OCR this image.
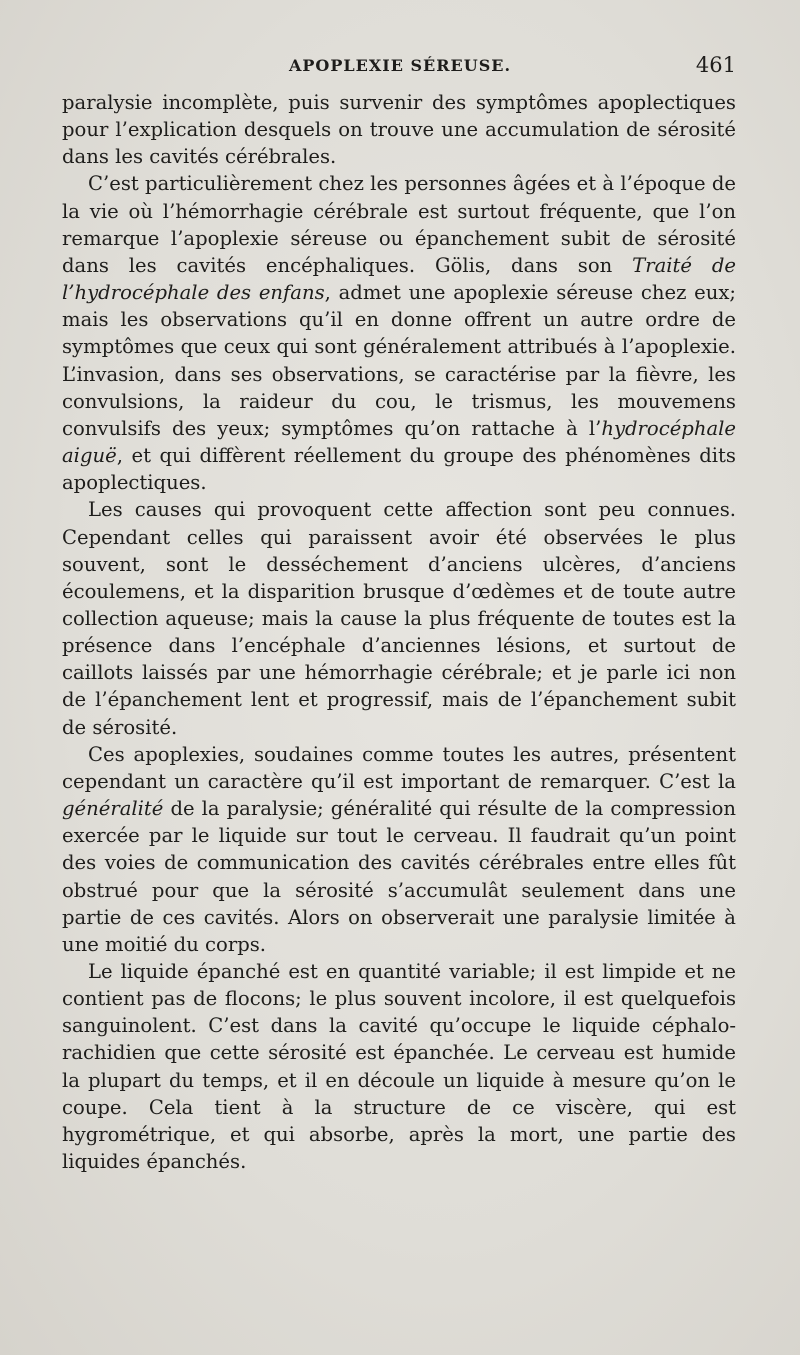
APOPLEXIE SÉREUSE.	461

paralysie incomplète, puis survenir des symptômes apoplectiques pour l’explication desquels on trouve une accumulation de sérosité dans les cavités cérébrales.

C’est particulièrement chez les personnes âgées et à l’époque de la vie où l’hémorrhagie cérébrale est surtout fréquente, que l’on remarque l’apoplexie séreuse ou épanchement subit de sérosité dans les cavités encéphaliques. Gölis, dans son Traité de l’hydrocéphale des enfans, admet une apoplexie séreuse chez eux; mais les observations qu’il en donne offrent un autre ordre de symptômes que ceux qui sont généralement attribués à l’apoplexie. L’invasion, dans ses observations, se caractérise par la fièvre, les convulsions, la raideur du cou, le trismus, les mouvemens convulsifs des yeux; symptômes qu’on rattache à l’hydrocéphale aiguë, et qui diffèrent réellement du groupe des phénomènes dits apoplectiques.

Les causes qui provoquent cette affection sont peu connues. Cependant celles qui paraissent avoir été observées le plus souvent, sont le desséchement d’anciens ulcères, d’anciens écoulemens, et la disparition brusque d’œdèmes et de toute autre collection aqueuse; mais la cause la plus fréquente de toutes est la présence dans l’encéphale d’anciennes lésions, et surtout de caillots laissés par une hémorrhagie cérébrale; et je parle ici non de l’épanchement lent et progressif, mais de l’épanchement subit de sérosité.

Ces apoplexies, soudaines comme toutes les autres, présentent cependant un caractère qu’il est important de remarquer. C’est la généralité de la paralysie; généralité qui résulte de la compression exercée par le liquide sur tout le cerveau. Il faudrait qu’un point des voies de communication des cavités cérébrales entre elles fût obstrué pour que la sérosité s’accumulât seulement dans une partie de ces cavités. Alors on observerait une paralysie limitée à une moitié du corps.

Le liquide épanché est en quantité variable; il est limpide et ne contient pas de flocons; le plus souvent incolore, il est quelquefois sanguinolent. C’est dans la cavité qu’occupe le liquide céphalo-rachidien que cette sérosité est épanchée. Le cerveau est humide la plupart du temps, et il en découle un liquide à mesure qu’on le coupe. Cela tient à la structure de ce viscère, qui est hygrométrique, et qui absorbe, après la mort, une partie des liquides épanchés.
